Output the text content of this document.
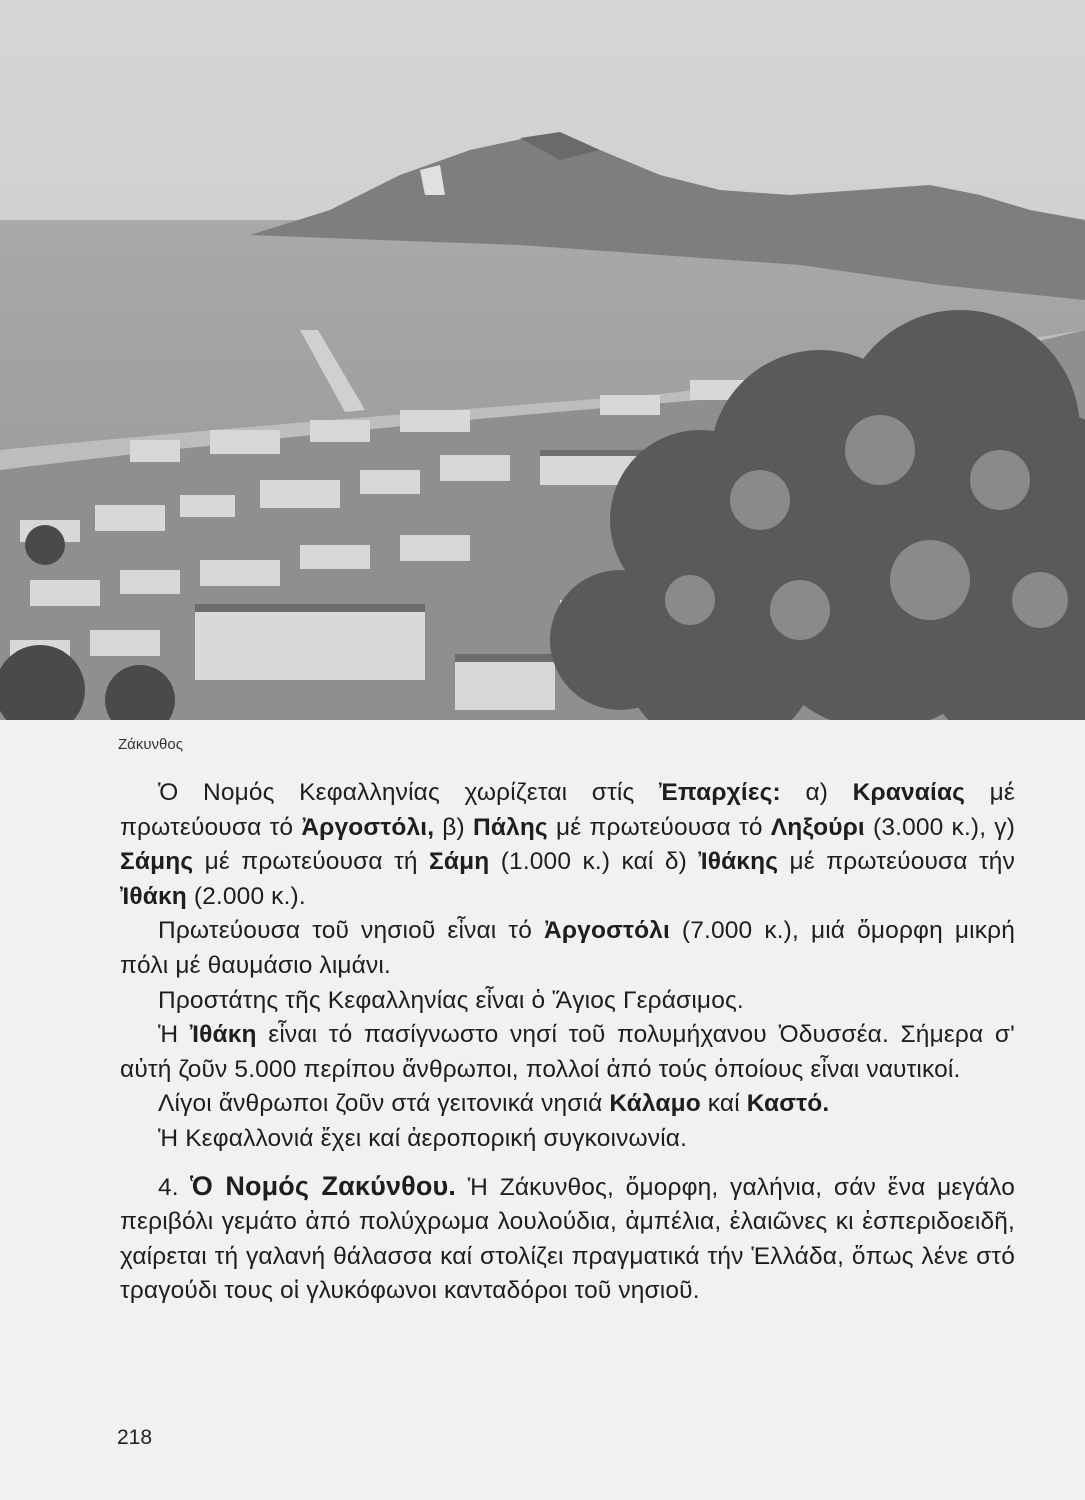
Ζάκυνθος

Ὁ Νομός Κεφαλληνίας χωρίζεται στίς Ἐπαρχίες: α) Κραναίας μέ πρωτεύουσα τό Ἀργοστόλι, β) Πάλης μέ πρωτεύουσα τό Ληξούρι (3.000 κ.), γ) Σάμης μέ πρωτεύουσα τή Σάμη (1.000 κ.) καί δ) Ἰθάκης μέ πρωτεύουσα τήν Ἰθάκη (2.000 κ.).

Πρωτεύουσα τοῦ νησιοῦ εἶναι τό Ἀργοστόλι (7.000 κ.), μιά ὄμορφη μικρή πόλι μέ θαυμάσιο λιμάνι.

Προστάτης τῆς Κεφαλληνίας εἶναι ὁ Ἅγιος Γεράσιμος.

Ἡ Ἰθάκη εἶναι τό πασίγνωστο νησί τοῦ πολυμήχανου Ὀδυσσέα. Σήμερα σ' αὐτή ζοῦν 5.000 περίπου ἄνθρωποι, πολλοί ἀπό τούς ὁποίους εἶναι ναυτικοί.

Λίγοι ἄνθρωποι ζοῦν στά γειτονικά νησιά Κάλαμο καί Καστό.

Ἡ Κεφαλλονιά ἔχει καί ἀεροπορική συγκοινωνία.

4. Ὁ Νομός Ζακύνθου. Ἡ Ζάκυνθος, ὄμορφη, γαλήνια, σάν ἕνα μεγάλο περιβόλι γεμάτο ἀπό πολύχρωμα λουλούδια, ἀμπέλια, ἐλαιῶνες κι ἑσπεριδοειδῆ, χαίρεται τή γαλανή θάλασσα καί στολίζει πραγματικά τήν Ἑλλάδα, ὅπως λένε στό τραγούδι τους οἱ γλυκόφωνοι κανταδόροι τοῦ νησιοῦ.

218
